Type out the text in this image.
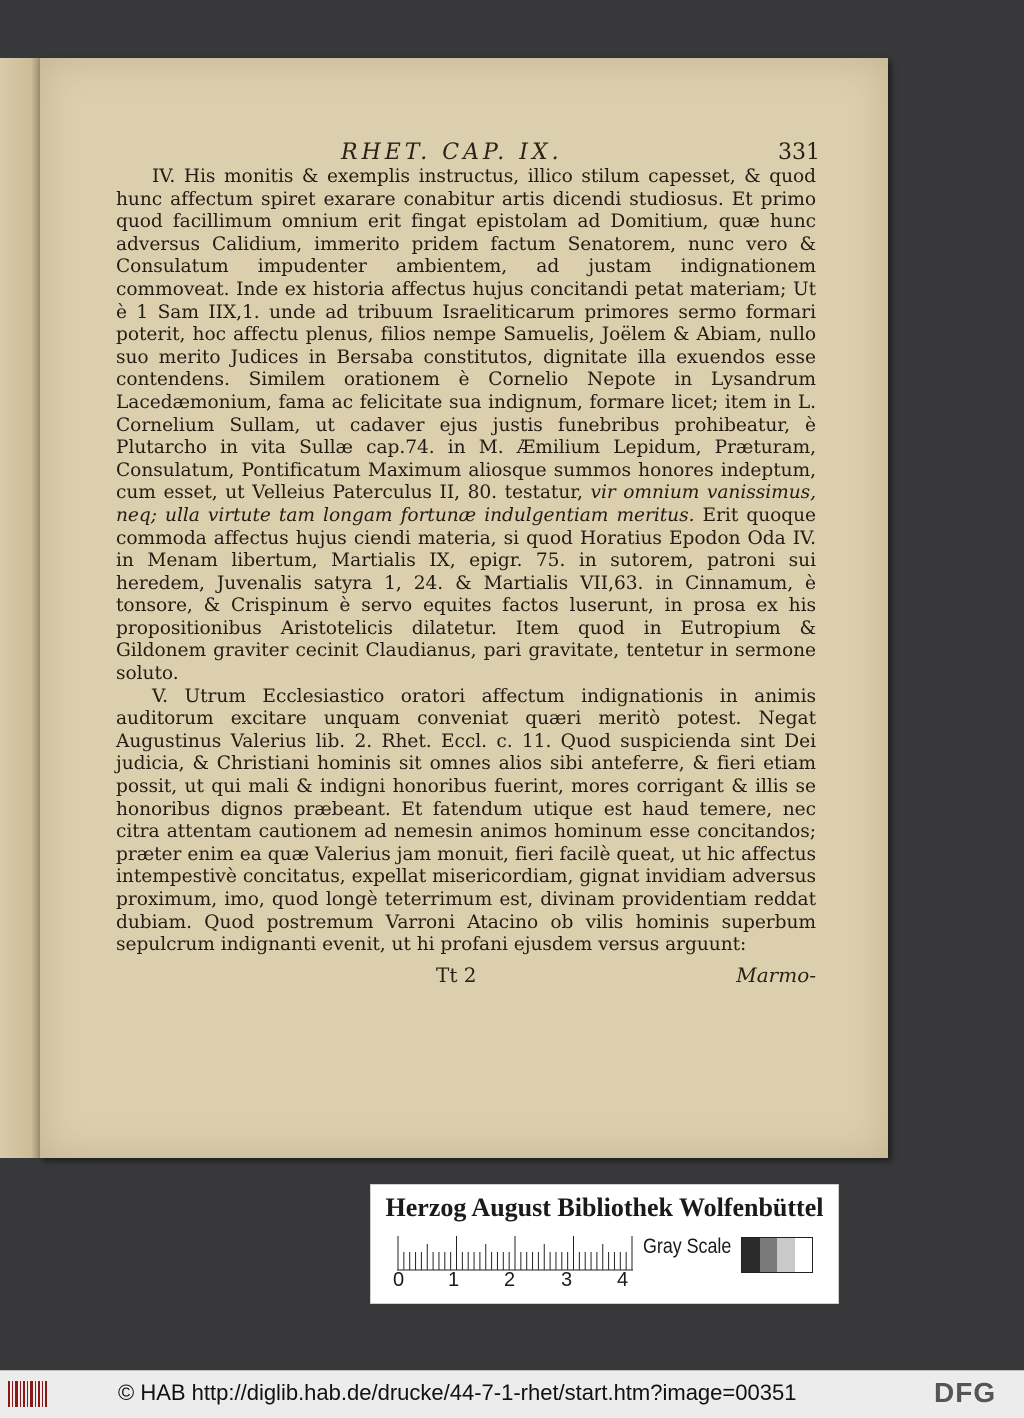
RHET. CAP. IX.	331

IV. His monitis & exemplis instructus, illico stilum capesset, & quod hunc affectum spiret exarare conabitur artis dicendi studiosus. Et primo quod facillimum omnium erit fingat epistolam ad Domitium, quæ hunc adversus Calidium, immerito pridem factum Senatorem, nunc vero & Consulatum impudenter ambientem, ad justam indignationem commoveat. Inde ex historia affectus hujus concitandi petat materiam; Ut è 1 Sam IIX,1. unde ad tribuum Israeliticarum primores sermo formari poterit, hoc affectu plenus, filios nempe Samuelis, Joëlem & Abiam, nullo suo merito Judices in Bersaba constitutos, dignitate illa exuendos esse contendens. Similem orationem è Cornelio Nepote in Lysandrum Lacedæmonium, fama ac felicitate sua indignum, formare licet; item in L. Cornelium Sullam, ut cadaver ejus justis funebribus prohibeatur, è Plutarcho in vita Sullæ cap.74. in M. Æmilium Lepidum, Præturam, Consulatum, Pontificatum Maximum aliosque summos honores indeptum, cum esset, ut Velleius Paterculus II, 80. testatur, vir omnium vanissimus, neq; ulla virtute tam longam fortunæ indulgentiam meritus. Erit quoque commoda affectus hujus ciendi materia, si quod Horatius Epodon Oda IV. in Menam libertum, Martialis IX, epigr. 75. in sutorem, patroni sui heredem, Juvenalis satyra 1, 24. & Martialis VII,63. in Cinnamum, è tonsore, & Crispinum è servo equites factos luserunt, in prosa ex his propositionibus Aristotelicis dilatetur. Item quod in Eutropium & Gildonem graviter cecinit Claudianus, pari gravitate, tentetur in sermone soluto.

V. Utrum Ecclesiastico oratori affectum indignationis in animis auditorum excitare unquam conveniat quæri meritò potest. Negat Augustinus Valerius lib. 2. Rhet. Eccl. c. 11. Quod suspicienda sint Dei judicia, & Christiani hominis sit omnes alios sibi anteferre, & fieri etiam possit, ut qui mali & indigni honoribus fuerint, mores corrigant & illis se honoribus dignos præbeant. Et fatendum utique est haud temere, nec citra attentam cautionem ad nemesin animos hominum esse concitandos; præter enim ea quæ Valerius jam monuit, fieri facilè queat, ut hic affectus intempestivè concitatus, expellat misericordiam, gignat invidiam adversus proximum, imo, quod longè teterrimum est, divinam providentiam reddat dubiam. Quod postremum Varroni Atacino ob vilis hominis superbum sepulcrum indignanti evenit, ut hi profani ejusdem versus arguunt:

Tt 2	Marmo-
Herzog August Bibliothek Wolfenbüttel
0 1 2 3 4
Gray Scale
© HAB http://diglib.hab.de/drucke/44-7-1-rhet/start.htm?image=00351	DFG
